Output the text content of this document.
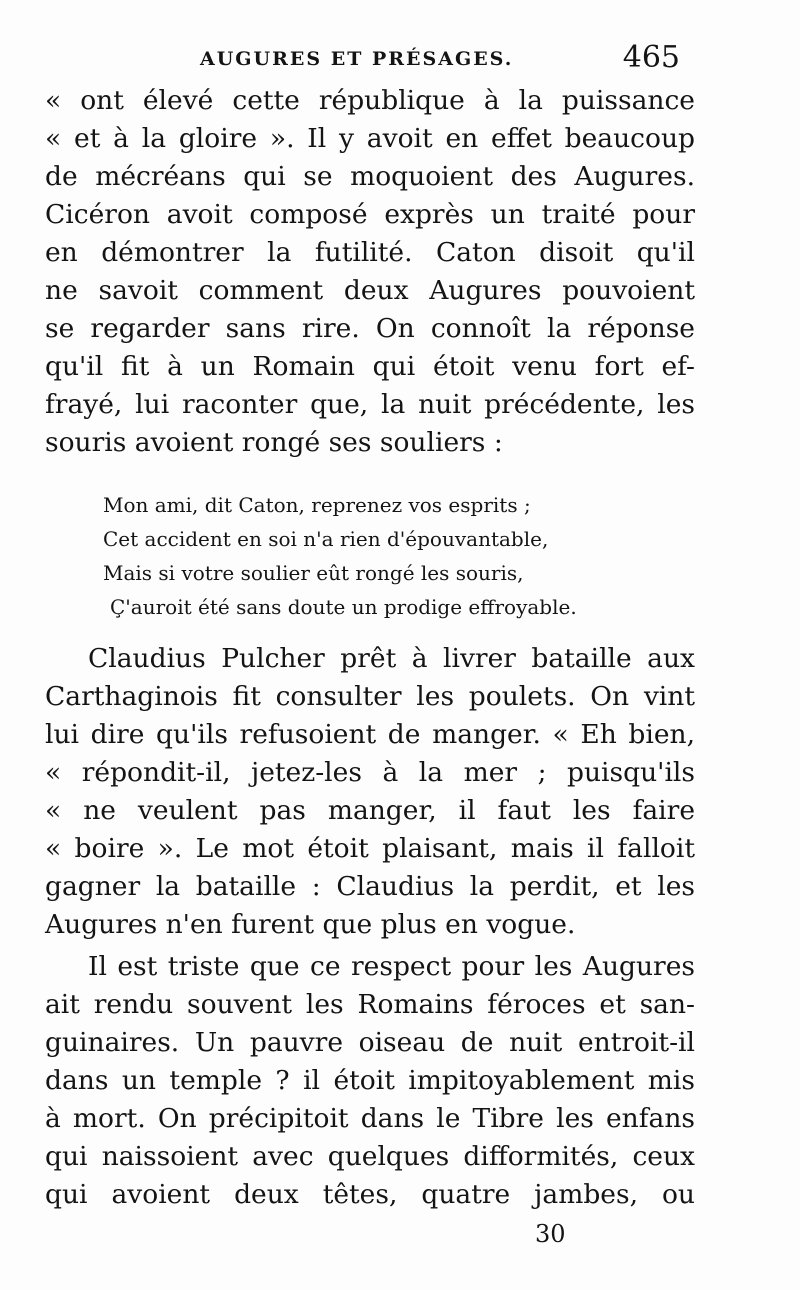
AUGURES ET PRÉSAGES.	465
« ont élevé cette république à la puissance
« et à la gloire ». Il y avoit en effet beaucoup
de mécréans qui se moquoient des Augures.
Cicéron avoit composé exprès un traité pour
en démontrer la futilité. Caton disoit qu'il
ne savoit comment deux Augures pouvoient
se regarder sans rire. On connoît la réponse
qu'il fit à un Romain qui étoit venu fort ef-
frayé, lui raconter que, la nuit précédente, les
souris avoient rongé ses souliers :
Mon ami, dit Caton, reprenez vos esprits ;
Cet accident en soi n'a rien d'épouvantable,
Mais si votre soulier eût rongé les souris,
Ç'auroit été sans doute un prodige effroyable.
Claudius Pulcher prêt à livrer bataille aux
Carthaginois fit consulter les poulets. On vint
lui dire qu'ils refusoient de manger. « Eh bien,
« répondit-il, jetez-les à la mer ; puisqu'ils
« ne veulent pas manger, il faut les faire
« boire ». Le mot étoit plaisant, mais il falloit
gagner la bataille : Claudius la perdit, et les
Augures n'en furent que plus en vogue.
Il est triste que ce respect pour les Augures
ait rendu souvent les Romains féroces et san-
guinaires. Un pauvre oiseau de nuit entroit-il
dans un temple ? il étoit impitoyablement mis
à mort. On précipitoit dans le Tibre les enfans
qui naissoient avec quelques difformités, ceux
qui avoient deux têtes, quatre jambes, ou
30
